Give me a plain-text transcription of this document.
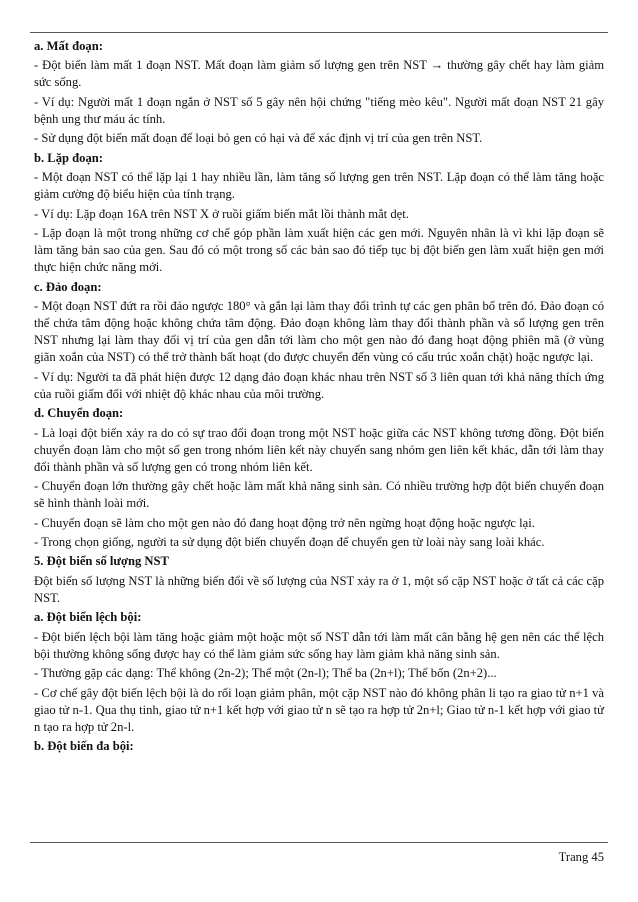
a. Mất đoạn:

- Đột biến làm mất 1 đoạn NST. Mất đoạn làm giảm số lượng gen trên NST → thường gây chết hay làm giảm sức sống.

- Ví dụ: Người mất 1 đoạn ngắn ở NST số 5 gây nên hội chứng "tiếng mèo kêu". Người mất đoạn NST 21 gây bệnh ung thư máu ác tính.

- Sử dụng đột biến mất đoạn để loại bỏ gen có hại và để xác định vị trí của gen trên NST.

b. Lặp đoạn:

- Một đoạn NST có thể lặp lại 1 hay nhiều lần, làm tăng số lượng gen trên NST. Lặp đoạn có thể làm tăng hoặc giảm cường độ biểu hiện của tính trạng.

- Ví dụ: Lặp đoạn 16A trên NST X ở ruồi giấm biến mắt lồi thành mắt dẹt.

- Lặp đoạn là một trong những cơ chế góp phần làm xuất hiện các gen mới. Nguyên nhân là vì khi lặp đoạn sẽ làm tăng bản sao của gen. Sau đó có một trong số các bản sao đó tiếp tục bị đột biến gen làm xuất hiện gen mới thực hiện chức năng mới.

c. Đảo đoạn:

- Một đoạn NST đứt ra rồi đảo ngược 180° và gắn lại làm thay đổi trình tự các gen phân bố trên đó. Đảo đoạn có thể chứa tâm động hoặc không chứa tâm động. Đảo đoạn không làm thay đổi thành phần và số lượng gen trên NST nhưng lại làm thay đổi vị trí của gen dẫn tới làm cho một gen nào đó đang hoạt động phiên mã (ở vùng giãn xoắn của NST) có thể trở thành bất hoạt (do được chuyển đến vùng có cấu trúc xoắn chặt) hoặc ngược lại.

- Ví dụ: Người ta đã phát hiện được 12 dạng đảo đoạn khác nhau trên NST số 3 liên quan tới khả năng thích ứng của ruồi giấm đối với nhiệt độ khác nhau của môi trường.

d. Chuyển đoạn:

- Là loại đột biến xảy ra do có sự trao đổi đoạn trong một NST hoặc giữa các NST không tương đồng. Đột biến chuyển đoạn làm cho một số gen trong nhóm liên kết này chuyển sang nhóm gen liên kết khác, dẫn tới làm thay đổi thành phần và số lượng gen có trong nhóm liên kết.

- Chuyển đoạn lớn thường gây chết hoặc làm mất khả năng sinh sản. Có nhiều trường hợp đột biến chuyển đoạn sẽ hình thành loài mới.

- Chuyển đoạn sẽ làm cho một gen nào đó đang hoạt động trở nên ngừng hoạt động hoặc ngược lại.

- Trong chọn giống, người ta sử dụng đột biến chuyển đoạn để chuyển gen từ loài này sang loài khác.

5. Đột biến số lượng NST

Đột biến số lượng NST là những biến đổi về số lượng của NST xảy ra ở 1, một số cặp NST hoặc ở tất cả các cặp NST.

a. Đột biến lệch bội:

- Đột biến lệch bội làm tăng hoặc giảm một hoặc một số NST dẫn tới làm mất cân bằng hệ gen nên các thể lệch bội thường không sống được hay có thể làm giảm sức sống hay làm giảm khả năng sinh sản.

- Thường gặp các dạng: Thể không (2n-2); Thể một (2n-l); Thể ba (2n+l); Thể bốn (2n+2)...

- Cơ chế gây đột biến lệch bội là do rối loạn giảm phân, một cặp NST nào đó không phân li tạo ra giao tử n+1 và giao tử n-1. Qua thụ tinh, giao tử n+1 kết hợp với giao tử n sẽ tạo ra hợp tử 2n+l; Giao tử n-1 kết hợp với giao tử n tạo ra hợp tử 2n-l.

b. Đột biến đa bội:
Trang 45
